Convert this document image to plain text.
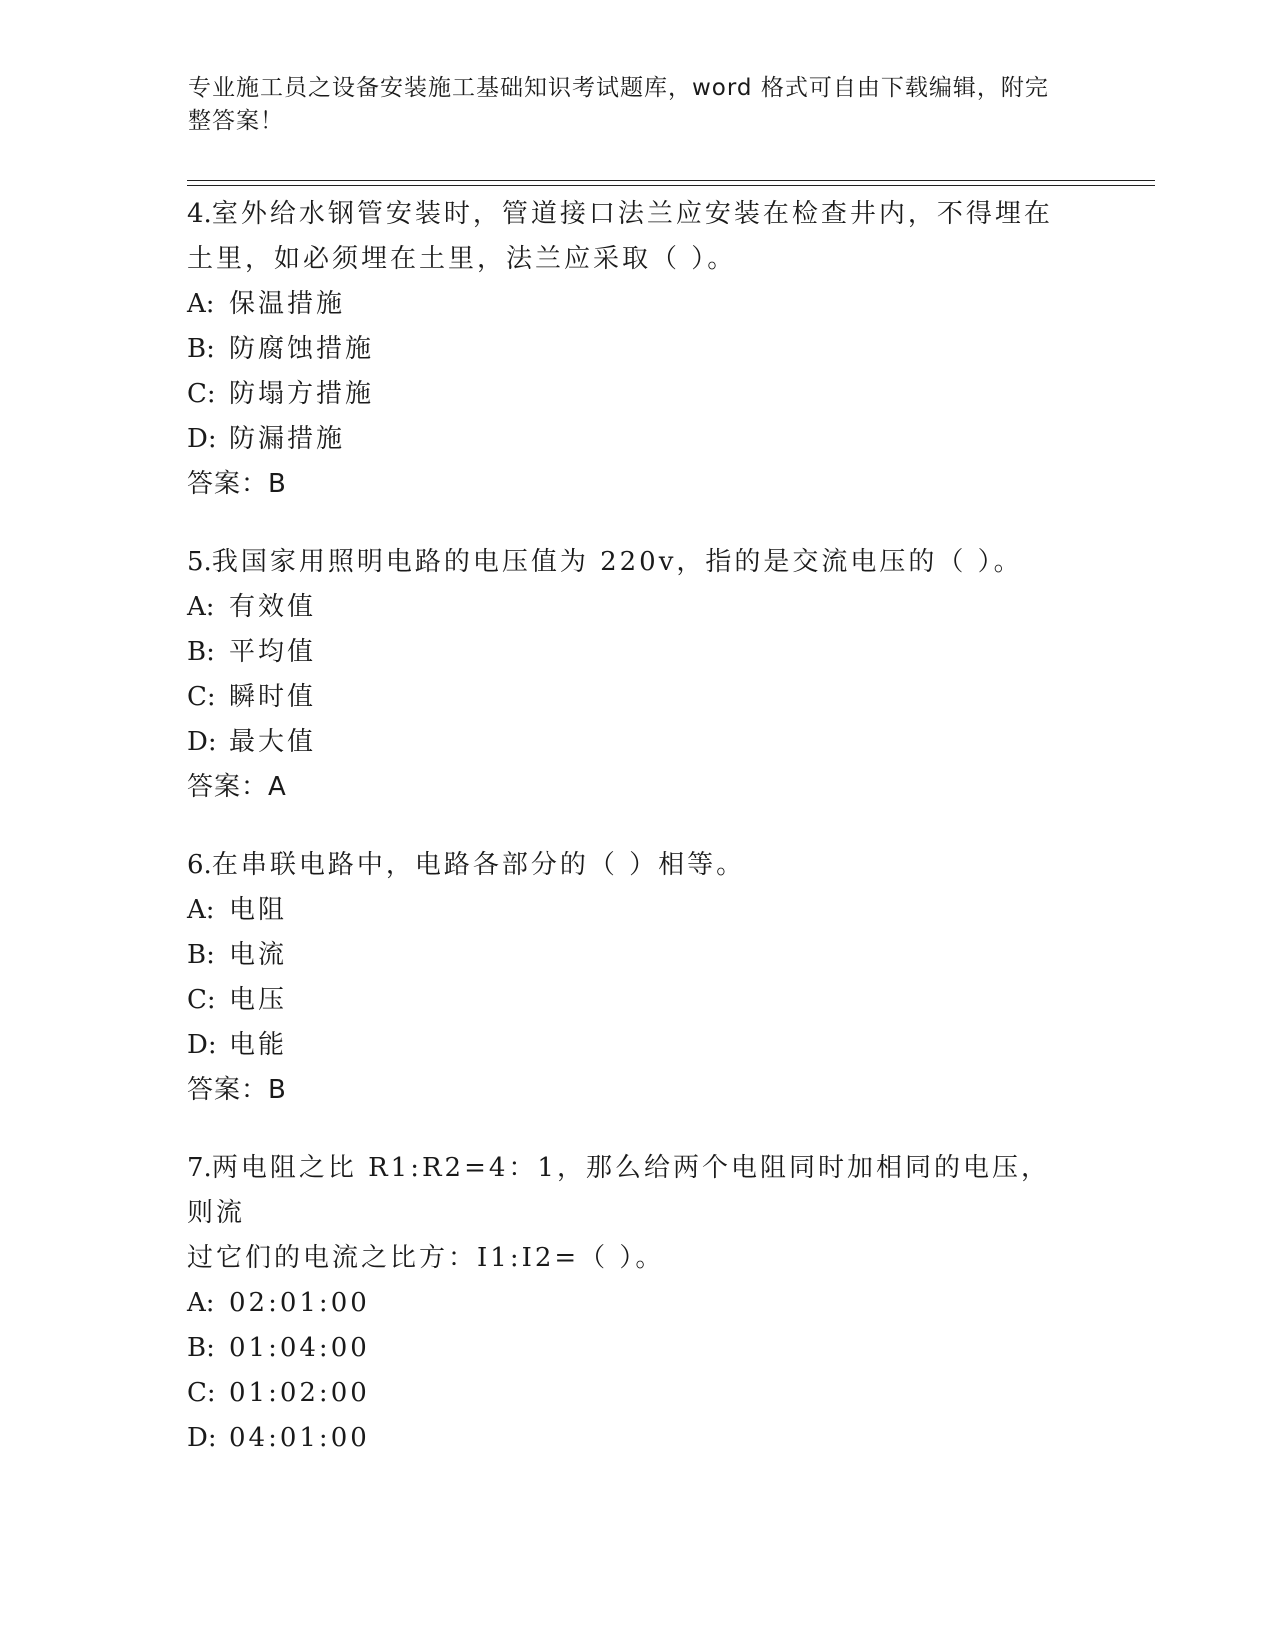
专业施工员之设备安装施工基础知识考试题库，word 格式可自由下载编辑，附完
整答案！
4.室外给水钢管安装时，管道接口法兰应安装在检查井内，不得埋在
土里，如必须埋在土里，法兰应采取（ ）。
A: 保温措施
B: 防腐蚀措施
C: 防塌方措施
D: 防漏措施
答案：B
5.我国家用照明电路的电压值为 220v，指的是交流电压的（ ）。
A: 有效值
B: 平均值
C: 瞬时值
D: 最大值
答案：A
6.在串联电路中，电路各部分的（ ）相等。
A: 电阻
B: 电流
C: 电压
D: 电能
答案：B
7.两电阻之比 R1:R2=4：1，那么给两个电阻同时加相同的电压，则流
过它们的电流之比方：I1:I2=（ ）。
A: 02:01:00
B: 01:04:00
C: 01:02:00
D: 04:01:00
